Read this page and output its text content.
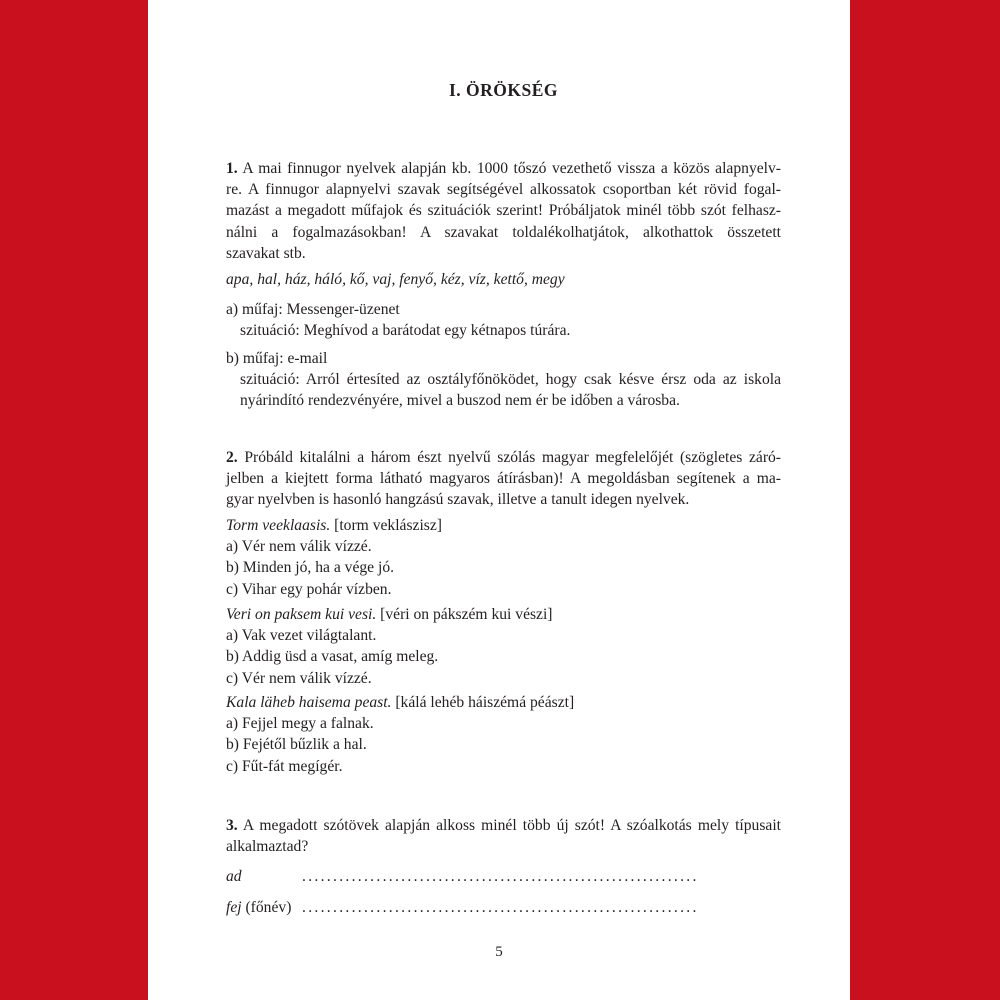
I. ÖRÖKSÉG

1. A mai finnugor nyelvek alapján kb. 1000 tőszó vezethető vissza a közös alapnyelv-

re. A finnugor alapnyelvi szavak segítségével alkossatok csoportban két rövid fogal-

mazást a megadott műfajok és szituációk szerint! Próbáljatok minél több szót felhasz-

nálni a fogalmazásokban! A szavakat toldalékolhatjátok, alkothattok összetett

szavakat stb.

apa, hal, ház, háló, kő, vaj, fenyő, kéz, víz, kettő, megy

a) műfaj: Messenger-üzenet

szituáció: Meghívod a barátodat egy kétnapos túrára.

b) műfaj: e-mail

szituáció: Arról értesíted az osztályfőnöködet, hogy csak késve érsz oda az iskola

nyárindító rendezvényére, mivel a buszod nem ér be időben a városba.

2. Próbáld kitalálni a három észt nyelvű szólás magyar megfelelőjét (szögletes záró-

jelben a kiejtett forma látható magyaros átírásban)! A megoldásban segítenek a ma-

gyar nyelvben is hasonló hangzású szavak, illetve a tanult idegen nyelvek.

Torm veeklaasis. [torm veklászisz]

a) Vér nem válik vízzé.

b) Minden jó, ha a vége jó.

c) Vihar egy pohár vízben.

Veri on paksem kui vesi. [véri on pákszém kui vészi]

a) Vak vezet világtalant.

b) Addig üsd a vasat, amíg meleg.

c) Vér nem válik vízzé.

Kala läheb haisema peast. [kálá lehéb háiszémá péászt]

a) Fejjel megy a falnak.

b) Fejétől bűzlik a hal.

c) Fűt-fát megígér.

3. A megadott szótövek alapján alkoss minél több új szót! A szóalkotás mely típusait

alkalmaztad?

ad	................................................................
fej (főnév) ................................................................
5
